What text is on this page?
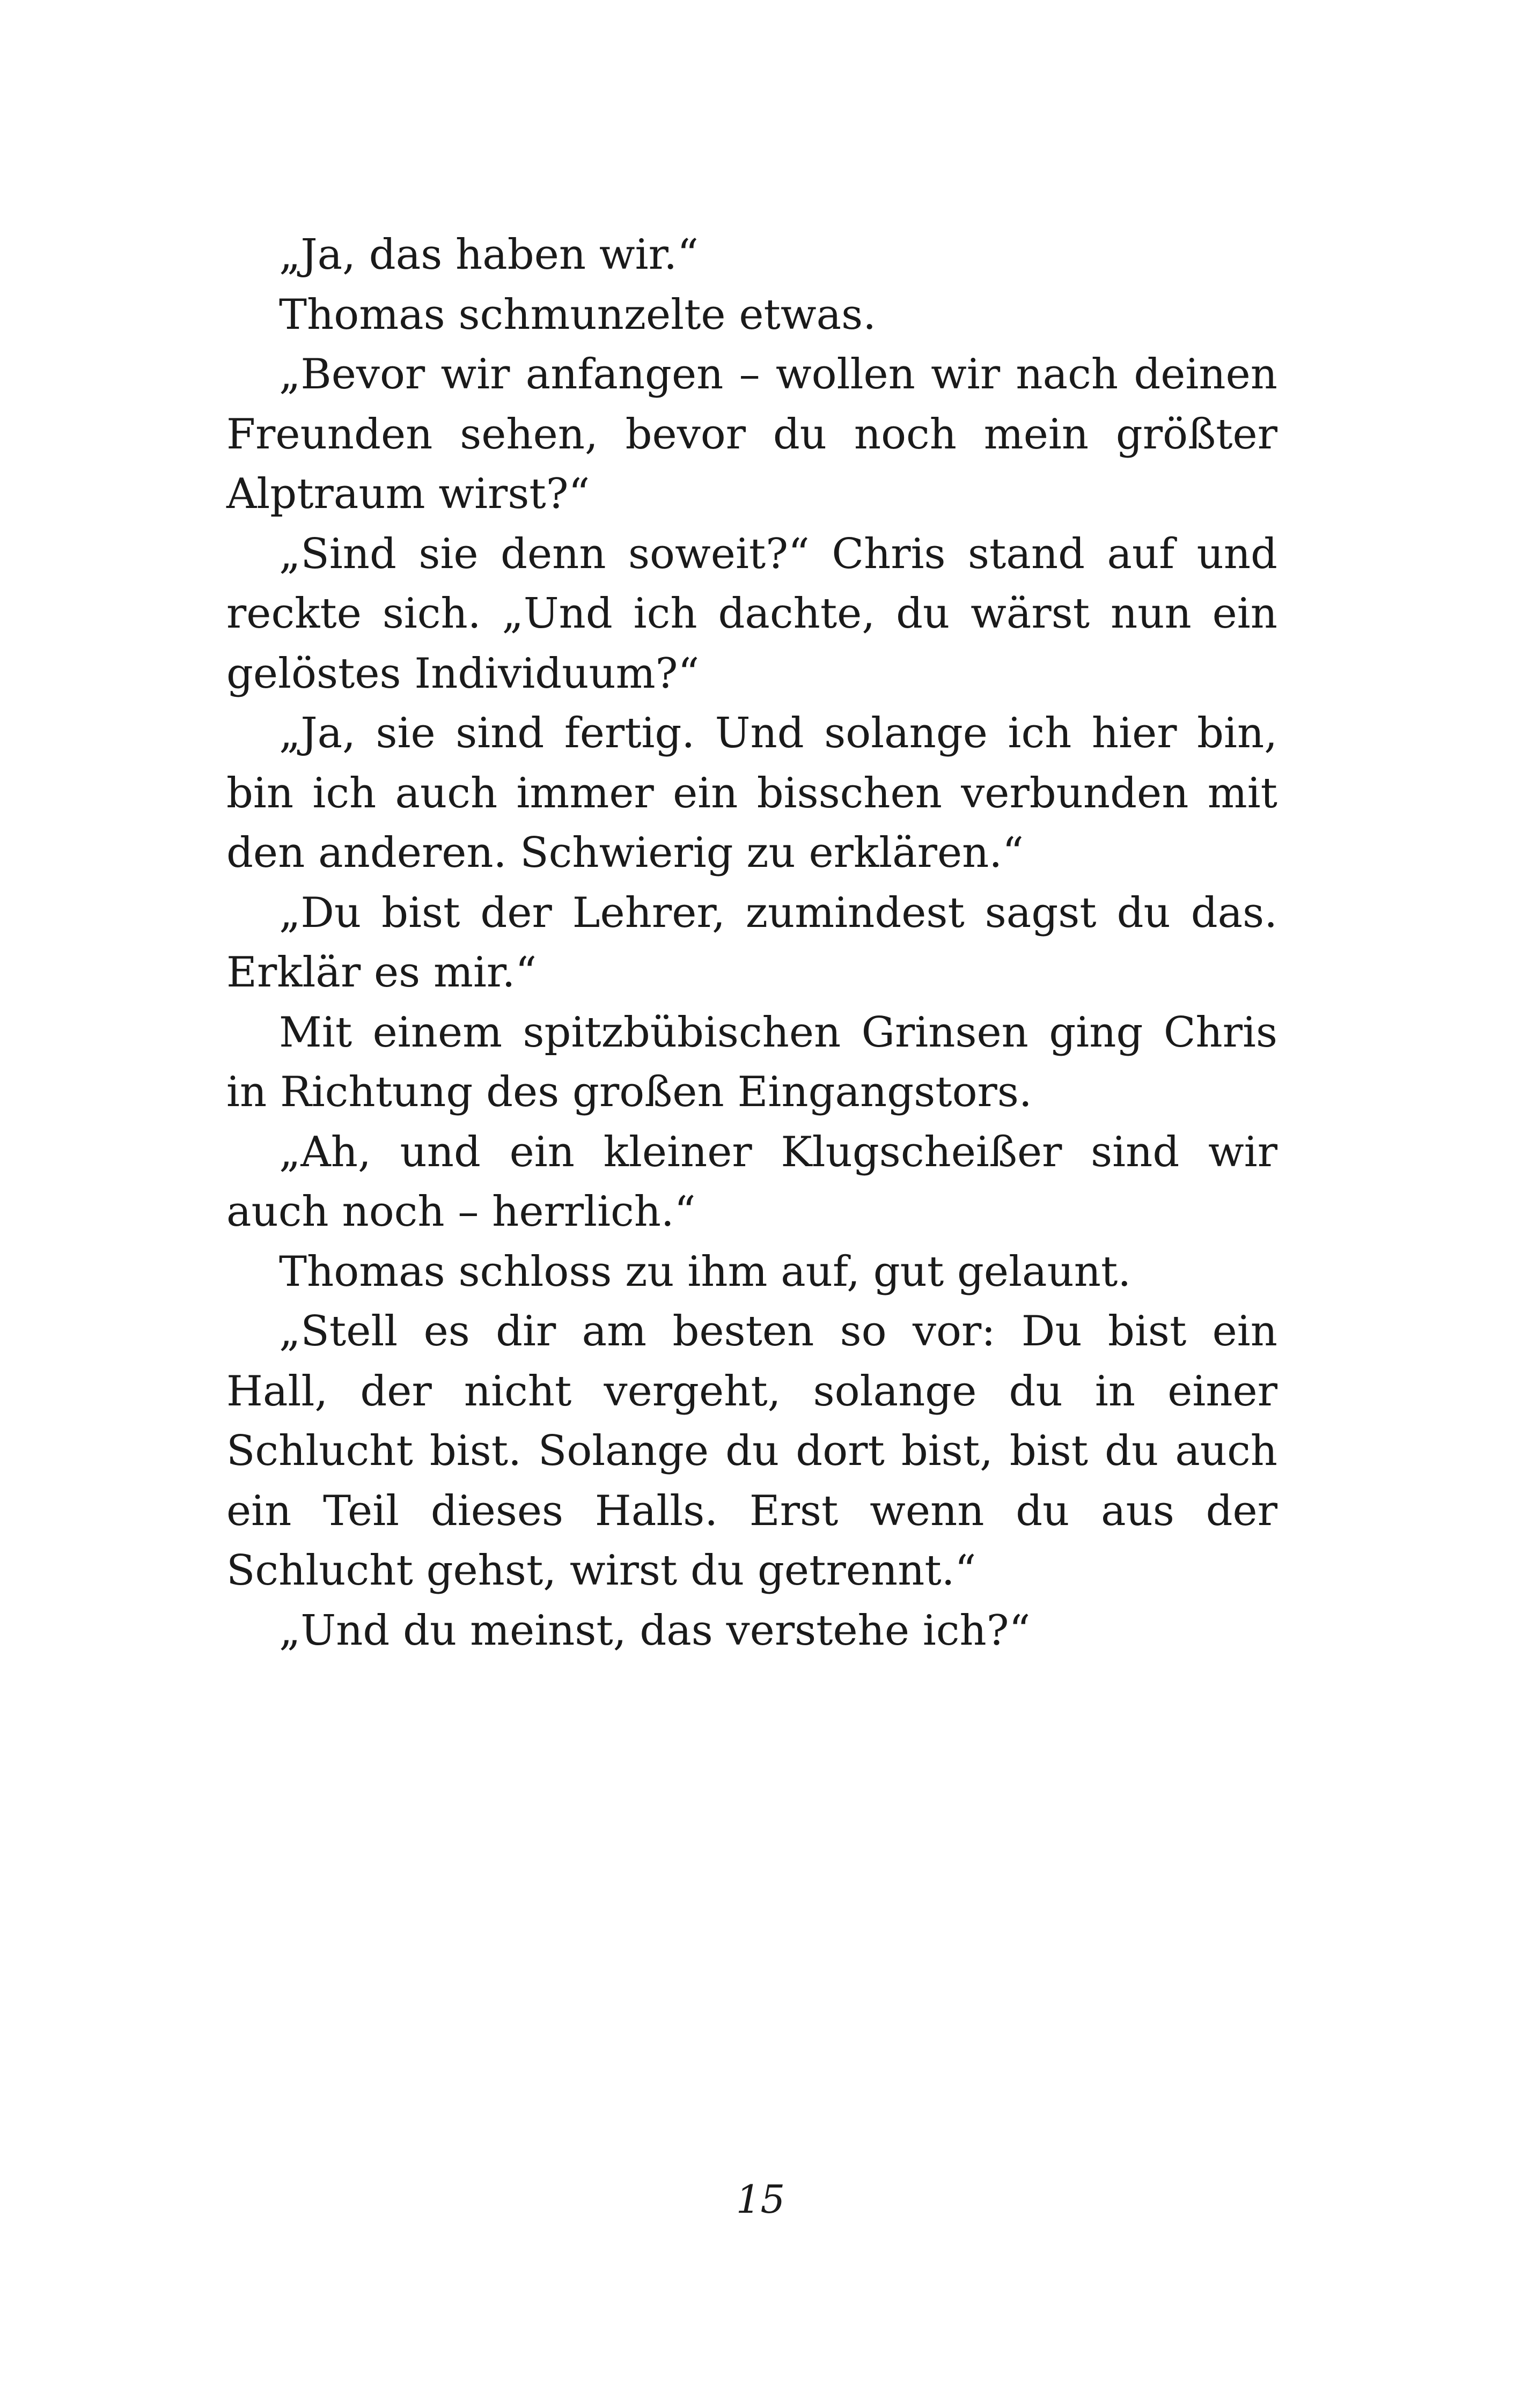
„Ja, das haben wir.“

Thomas schmunzelte etwas.

„Bevor wir anfangen – wollen wir nach deinen Freunden sehen, bevor du noch mein größter Alptraum wirst?“

„Sind sie denn soweit?“ Chris stand auf und reckte sich. „Und ich dachte, du wärst nun ein gelöstes Individuum?“

„Ja, sie sind fertig. Und solange ich hier bin, bin ich auch immer ein bisschen verbunden mit den anderen. Schwierig zu erklären.“

„Du bist der Lehrer, zumindest sagst du das. Erklär es mir.“

Mit einem spitzbübischen Grinsen ging Chris in Richtung des großen Eingangstors.

„Ah, und ein kleiner Klugscheißer sind wir auch noch – herrlich.“

Thomas schloss zu ihm auf, gut gelaunt.

„Stell es dir am besten so vor: Du bist ein Hall, der nicht vergeht, solange du in einer Schlucht bist. Solange du dort bist, bist du auch ein Teil dieses Halls. Erst wenn du aus der Schlucht gehst, wirst du getrennt.“

„Und du meinst, das verstehe ich?“

15
